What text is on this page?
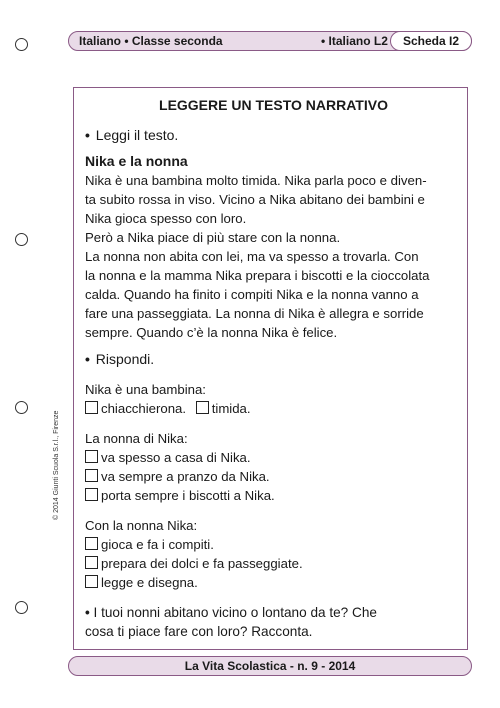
Italiano • Classe seconda	• Italiano L2	Scheda I2
LEGGERE UN TESTO NARRATIVO

• Leggi il testo.

Nika e la nonna

Nika è una bambina molto timida. Nika parla poco e diven-

ta subito rossa in viso. Vicino a Nika abitano dei bambini e

Nika gioca spesso con loro.

Però a Nika piace di più stare con la nonna.

La nonna non abita con lei, ma va spesso a trovarla. Con

la nonna e la mamma Nika prepara i biscotti e la cioccolata

calda. Quando ha finito i compiti Nika e la nonna vanno a

fare una passeggiata. La nonna di Nika è allegra e sorride

sempre. Quando c’è la nonna Nika è felice.

• Rispondi.

Nika è una bambina:

chiacchierona. timida.

La nonna di Nika:

va spesso a casa di Nika.
va sempre a pranzo da Nika.
porta sempre i biscotti a Nika.

Con la nonna Nika:

gioca e fa i compiti.
prepara dei dolci e fa passeggiate.
legge e disegna.

• I tuoi nonni abitano vicino o lontano da te? Che

cosa ti piace fare con loro? Racconta.

© 2014 Giunti Scuola S.r.l., Firenze
La Vita Scolastica - n. 9 - 2014
